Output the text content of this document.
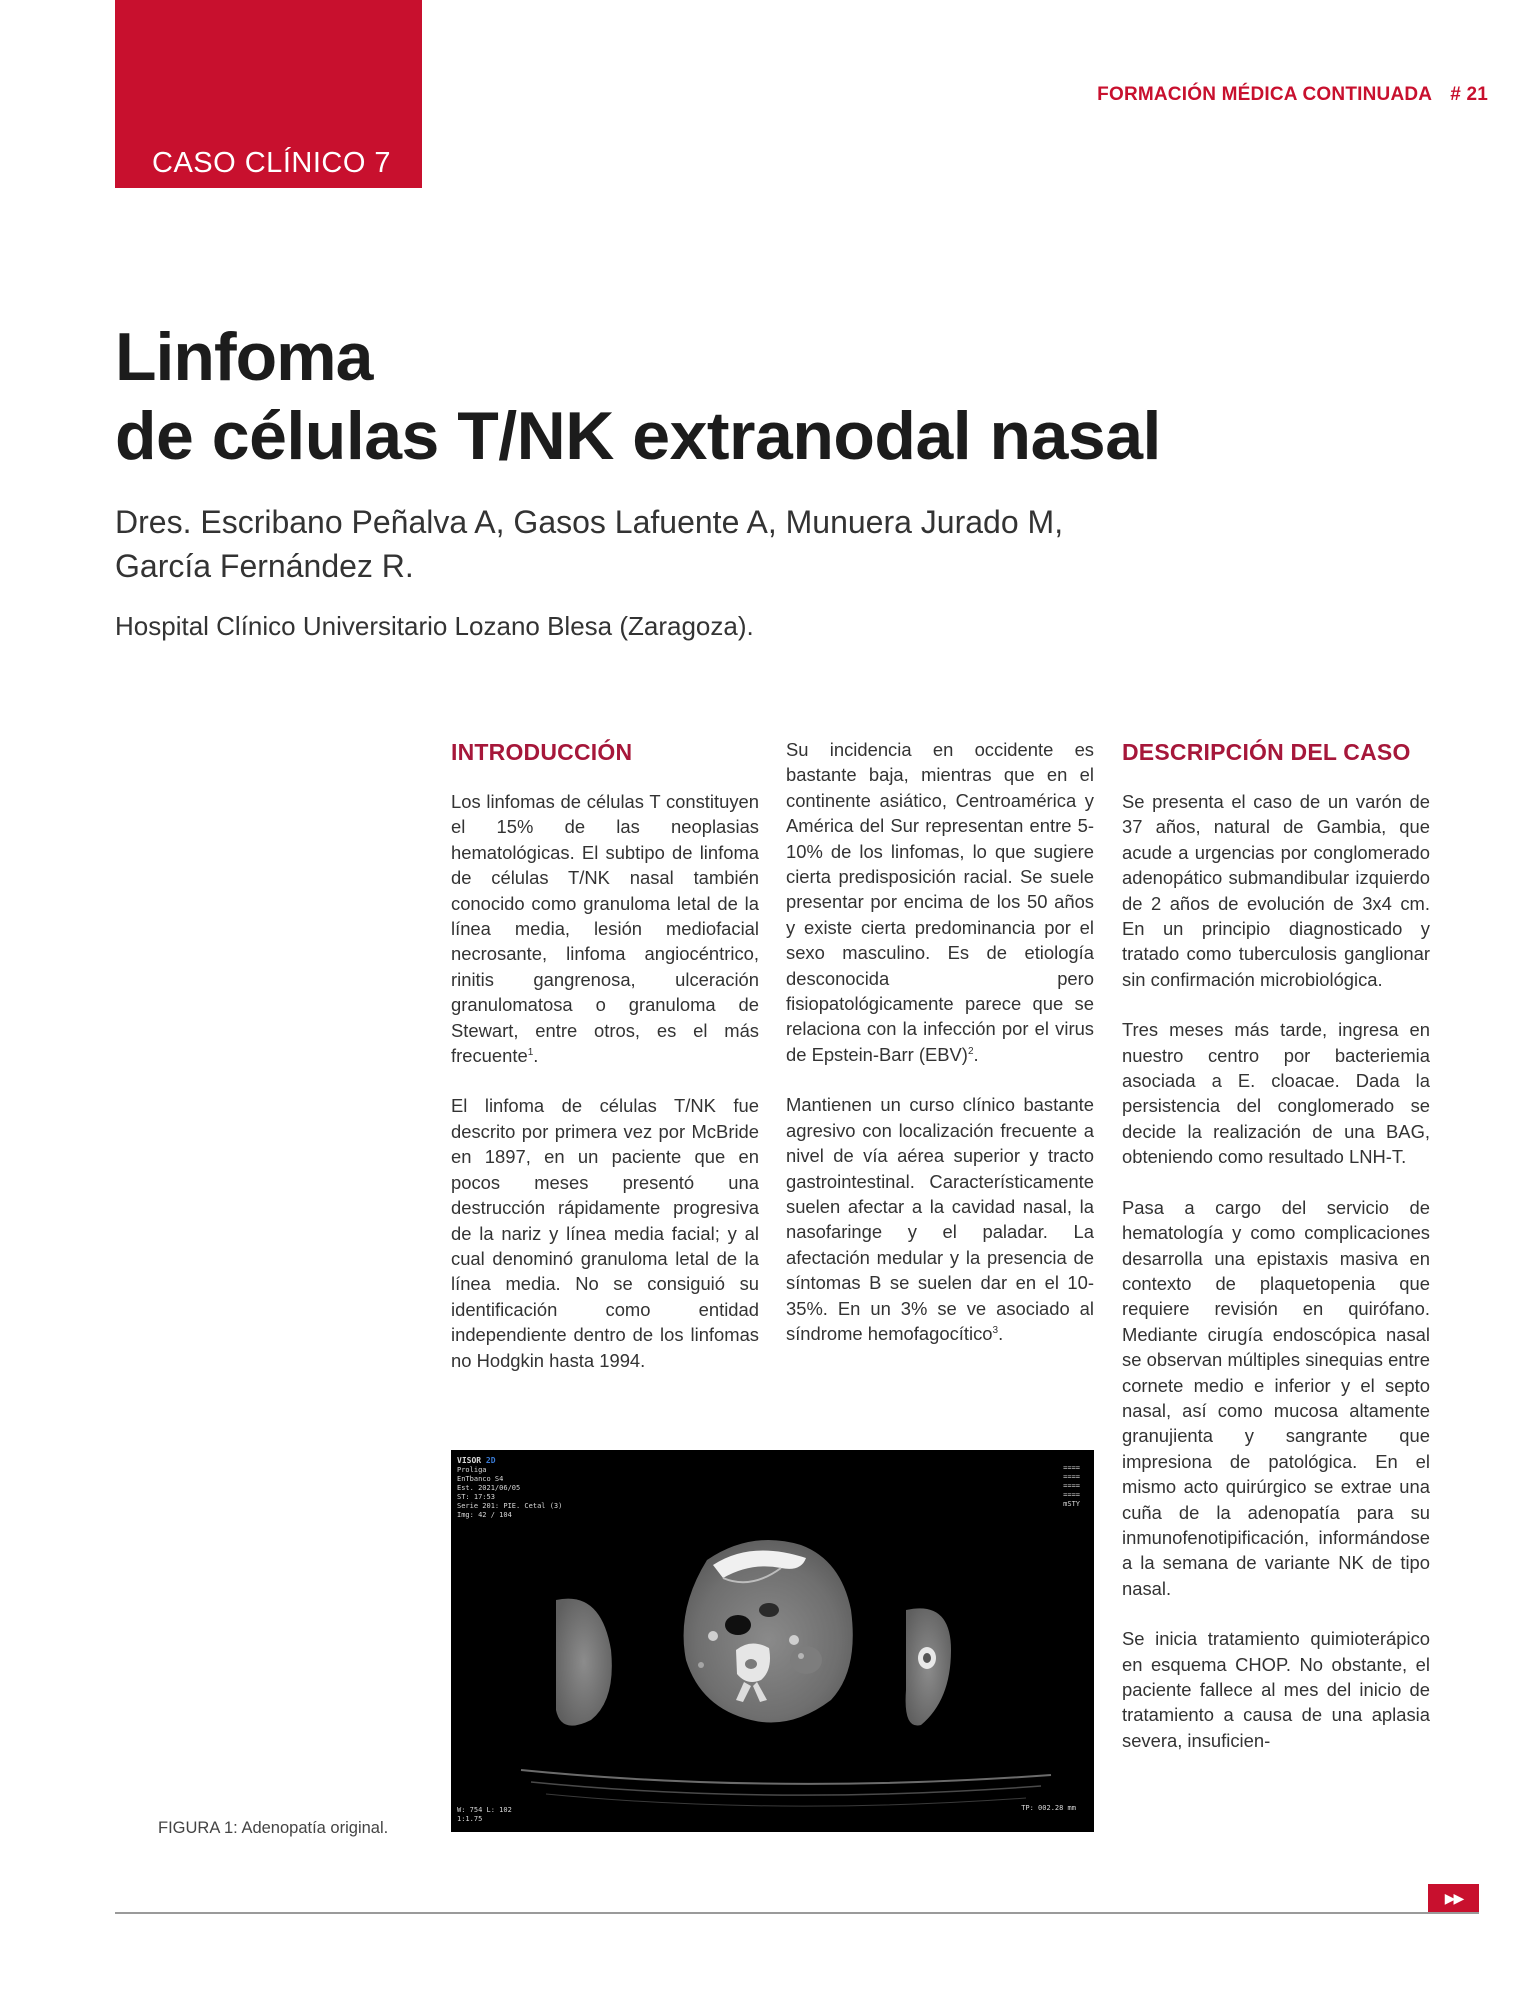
CASO CLÍNICO 7
FORMACIÓN MÉDICA CONTINUADA # 21
Linfoma
de células T/NK extranodal nasal
Dres. Escribano Peñalva A, Gasos Lafuente A, Munuera Jurado M,
García Fernández R.
Hospital Clínico Universitario Lozano Blesa (Zaragoza).
INTRODUCCIÓN

Los linfomas de células T constituyen el 15% de las neoplasias hematológicas. El subtipo de linfoma de células T/NK nasal también conocido como granuloma letal de la línea media, lesión mediofacial necrosante, linfoma angiocéntrico, rinitis gangrenosa, ulceración granulomatosa o granuloma de Stewart, entre otros, es el más frecuente$^1$.

El linfoma de células T/NK fue descrito por primera vez por McBride en 1897, en un paciente que en pocos meses presentó una destrucción rápidamente progresiva de la nariz y línea media facial; y al cual denominó granuloma letal de la línea media. No se consiguió su identificación como entidad independiente dentro de los linfomas no Hodgkin hasta 1994.

Su incidencia en occidente es bastante baja, mientras que en el continente asiático, Centroamérica y América del Sur representan entre 5-10% de los linfomas, lo que sugiere cierta predisposición racial. Se suele presentar por encima de los 50 años y existe cierta predominancia por el sexo masculino. Es de etiología desconocida pero fisiopatológicamente parece que se relaciona con la infección por el virus de Epstein-Barr (EBV)$^2$.

Mantienen un curso clínico bastante agresivo con localización frecuente a nivel de vía aérea superior y tracto gastrointestinal. Característicamente suelen afectar a la cavidad nasal, la nasofaringe y el paladar. La afectación medular y la presencia de síntomas B se suelen dar en el 10-35%. En un 3% se ve asociado al síndrome hemofagocítico$^3$.

DESCRIPCIÓN DEL CASO

Se presenta el caso de un varón de 37 años, natural de Gambia, que acude a urgencias por conglomerado adenopático submandibular izquierdo de 2 años de evolución de 3x4 cm. En un principio diagnosticado y tratado como tuberculosis ganglionar sin confirmación microbiológica.

Tres meses más tarde, ingresa en nuestro centro por bacteriemia asociada a E. cloacae. Dada la persistencia del conglomerado se decide la realización de una BAG, obteniendo como resultado LNH-T.

Pasa a cargo del servicio de hematología y como complicaciones desarrolla una epistaxis masiva en contexto de plaquetopenia que requiere revisión en quirófano. Mediante cirugía endoscópica nasal se observan múltiples sinequias entre cornete medio e inferior y el septo nasal, así como mucosa altamente granujienta y sangrante que impresiona de patológica. En el mismo acto quirúrgico se extrae una cuña de la adenopatía para su inmunofenotipificación, informándose a la semana de variante NK de tipo nasal.

Se inicia tratamiento quimioterápico en esquema CHOP. No obstante, el paciente fallece al mes del inicio de tratamiento a causa de una aplasia severa, insuficien-

VISOR 2D
Proliga
EnTbanco S4
Est. 2021/06/05
ST: 17:53
Serie 201: PIE. Cetal (3)
Img: 42 / 104
====
====
====
====
mSTY
W: 754 L: 102
1:1.75
TP: 002.28 mm
FIGURA 1: Adenopatía original.
▶▶
